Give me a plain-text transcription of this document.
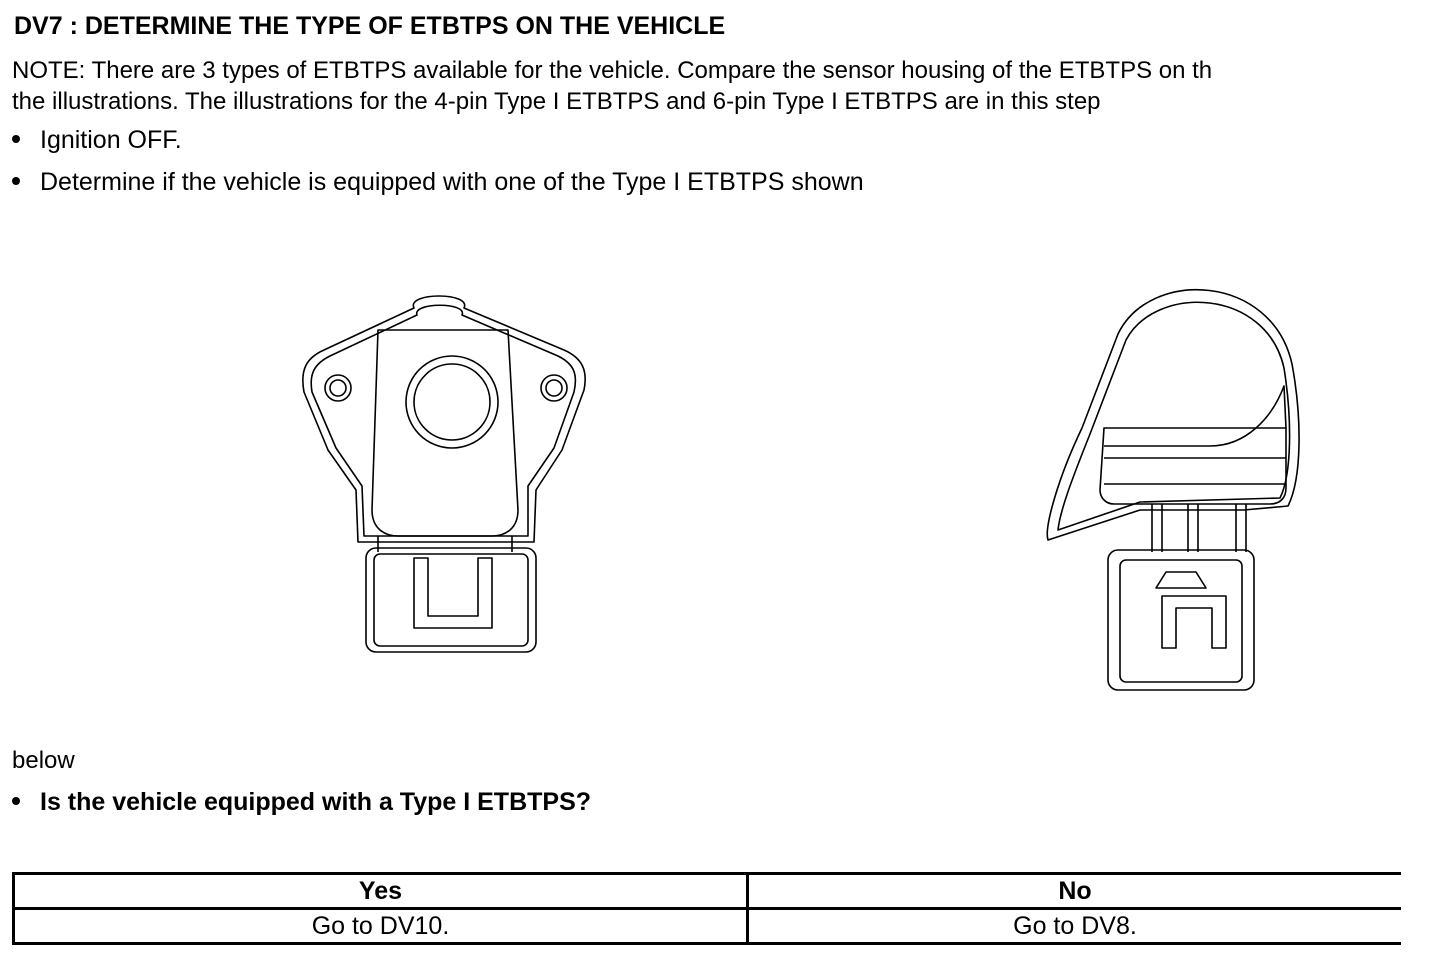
DV7 : DETERMINE THE TYPE OF ETBTPS ON THE VEHICLE
NOTE: There are 3 types of ETBTPS available for the vehicle. Compare the sensor housing of the ETBTPS on th
the illustrations. The illustrations for the 4-pin Type I ETBTPS and 6-pin Type I ETBTPS are in this step
Ignition OFF.
Determine if the vehicle is equipped with one of the Type I ETBTPS shown
below
Is the vehicle equipped with a Type I ETBTPS?
Yes	No
Go to DV10.	Go to DV8.
